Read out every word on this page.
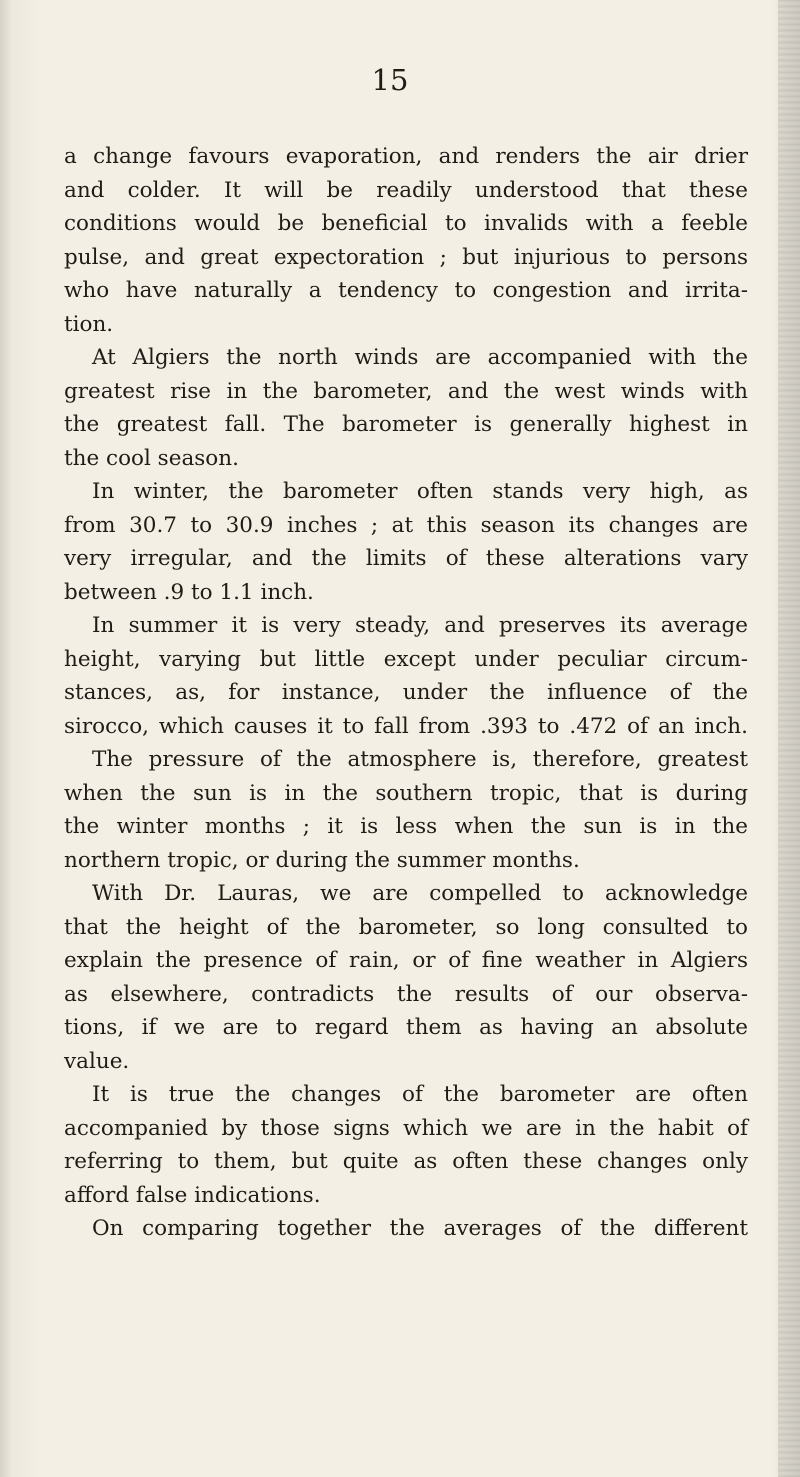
15
a change favours evaporation, and renders the air drier
and colder. It will be readily understood that these
conditions would be beneficial to invalids with a feeble
pulse, and great expectoration ; but injurious to persons
who have naturally a tendency to congestion and irrita-
tion.
At Algiers the north winds are accompanied with the
greatest rise in the barometer, and the west winds with
the greatest fall. The barometer is generally highest in
the cool season.
In winter, the barometer often stands very high, as
from 30.7 to 30.9 inches ; at this season its changes are
very irregular, and the limits of these alterations vary
between .9 to 1.1 inch.
In summer it is very steady, and preserves its average
height, varying but little except under peculiar circum-
stances, as, for instance, under the influence of the
sirocco, which causes it to fall from .393 to .472 of an inch.
The pressure of the atmosphere is, therefore, greatest
when the sun is in the southern tropic, that is during
the winter months ; it is less when the sun is in the
northern tropic, or during the summer months.
With Dr. Lauras, we are compelled to acknowledge
that the height of the barometer, so long consulted to
explain the presence of rain, or of fine weather in Algiers
as elsewhere, contradicts the results of our observa-
tions, if we are to regard them as having an absolute
value.
It is true the changes of the barometer are often
accompanied by those signs which we are in the habit of
referring to them, but quite as often these changes only
afford false indications.
On comparing together the averages of the different
